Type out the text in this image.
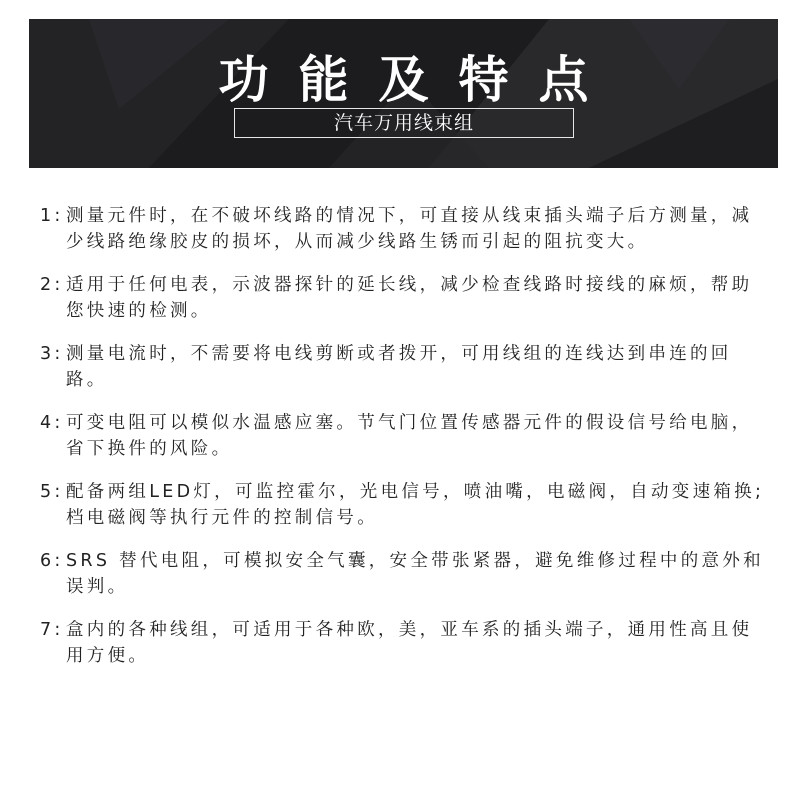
功能及特点
汽车万用线束组
1: 测量元件时，在不破坏线路的情况下，可直接从线束插头端子后方测量，减少线路绝缘胶皮的损坏，从而减少线路生锈而引起的阻抗变大。
2: 适用于任何电表，示波器探针的延长线，减少检查线路时接线的麻烦，帮助您快速的检测。
3: 测量电流时，不需要将电线剪断或者拨开，可用线组的连线达到串连的回路。
4: 可变电阻可以模似水温感应塞。节气门位置传感器元件的假设信号给电脑，省下换件的风险。
5: 配备两组LED灯，可监控霍尔，光电信号，喷油嘴，电磁阀，自动变速箱换;档电磁阀等执行元件的控制信号。
6: SRS 替代电阻，可模拟安全气囊，安全带张紧器，避免维修过程中的意外和误判。
7: 盒内的各种线组，可适用于各种欧，美，亚车系的插头端子，通用性高且使用方便。
